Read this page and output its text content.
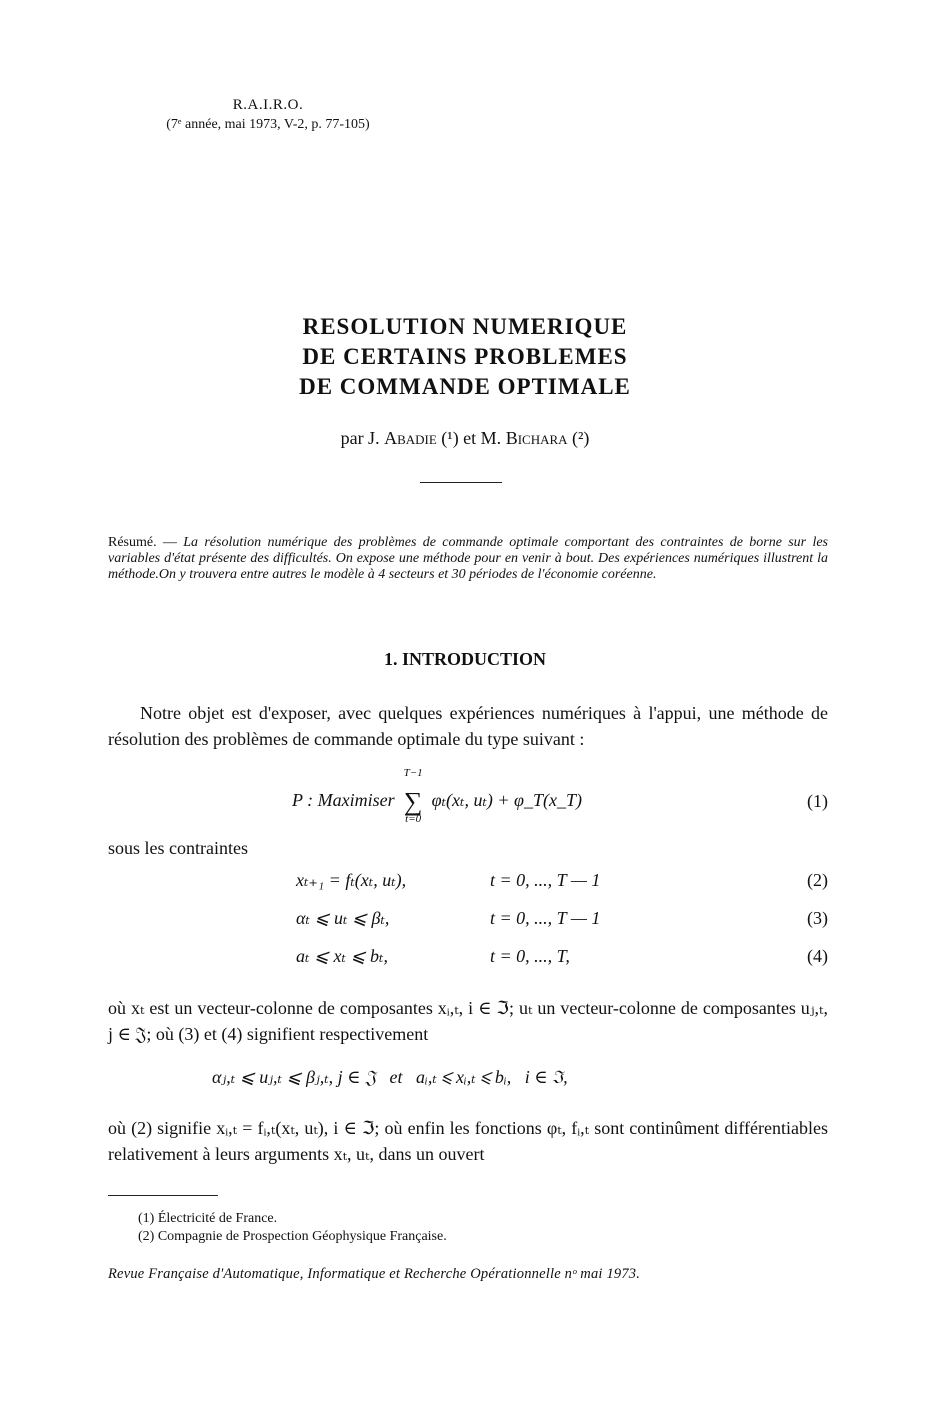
R.A.I.R.O.
(7ᵉ année, mai 1973, V-2, p. 77-105)
RESOLUTION NUMERIQUE
DE CERTAINS PROBLEMES
DE COMMANDE OPTIMALE
par J. Abadie (¹) et M. Bichara (²)
Résumé. — La résolution numérique des problèmes de commande optimale comportant des contraintes de borne sur les variables d'état présente des difficultés. On expose une méthode pour en venir à bout. Des expériences numériques illustrent la méthode.On y trouvera entre autres le modèle à 4 secteurs et 30 périodes de l'économie coréenne.
1. INTRODUCTION
Notre objet est d'exposer, avec quelques expériences numériques à l'appui, une méthode de résolution des problèmes de commande optimale du type suivant :
P : Maximiser
T−1
∑
t=0
φₜ(xₜ, uₜ) + φ_T(x_T)	(1)
sous les contraintes
xₜ₊₁ = fₜ(xₜ, uₜ),	t = 0, ..., T — 1	(2)
αₜ ⩽ uₜ ⩽ βₜ,	t = 0, ..., T — 1	(3)
aₜ ⩽ xₜ ⩽ bₜ,	t = 0, ..., T,	(4)
où xₜ est un vecteur-colonne de composantes xᵢ,ₜ, i ∈ ℑ; uₜ un vecteur-colonne de composantes uⱼ,ₜ, j ∈ 𝔍; où (3) et (4) signifient respectivement
αⱼ,ₜ ⩽ uⱼ,ₜ ⩽ βⱼ,ₜ, j ∈ 𝔍   et   aᵢ,ₜ ⩽ xᵢ,ₜ ⩽ bᵢ,   i ∈ ℑ,
où (2) signifie xᵢ,ₜ = fᵢ,ₜ(xₜ, uₜ), i ∈ ℑ; où enfin les fonctions φₜ, fᵢ,ₜ sont continûment différentiables relativement à leurs arguments xₜ, uₜ, dans un ouvert
(1) Électricité de France.
(2) Compagnie de Prospection Géophysique Française.
Revue Française d'Automatique, Informatique et Recherche Opérationnelle nᵒ mai 1973.
